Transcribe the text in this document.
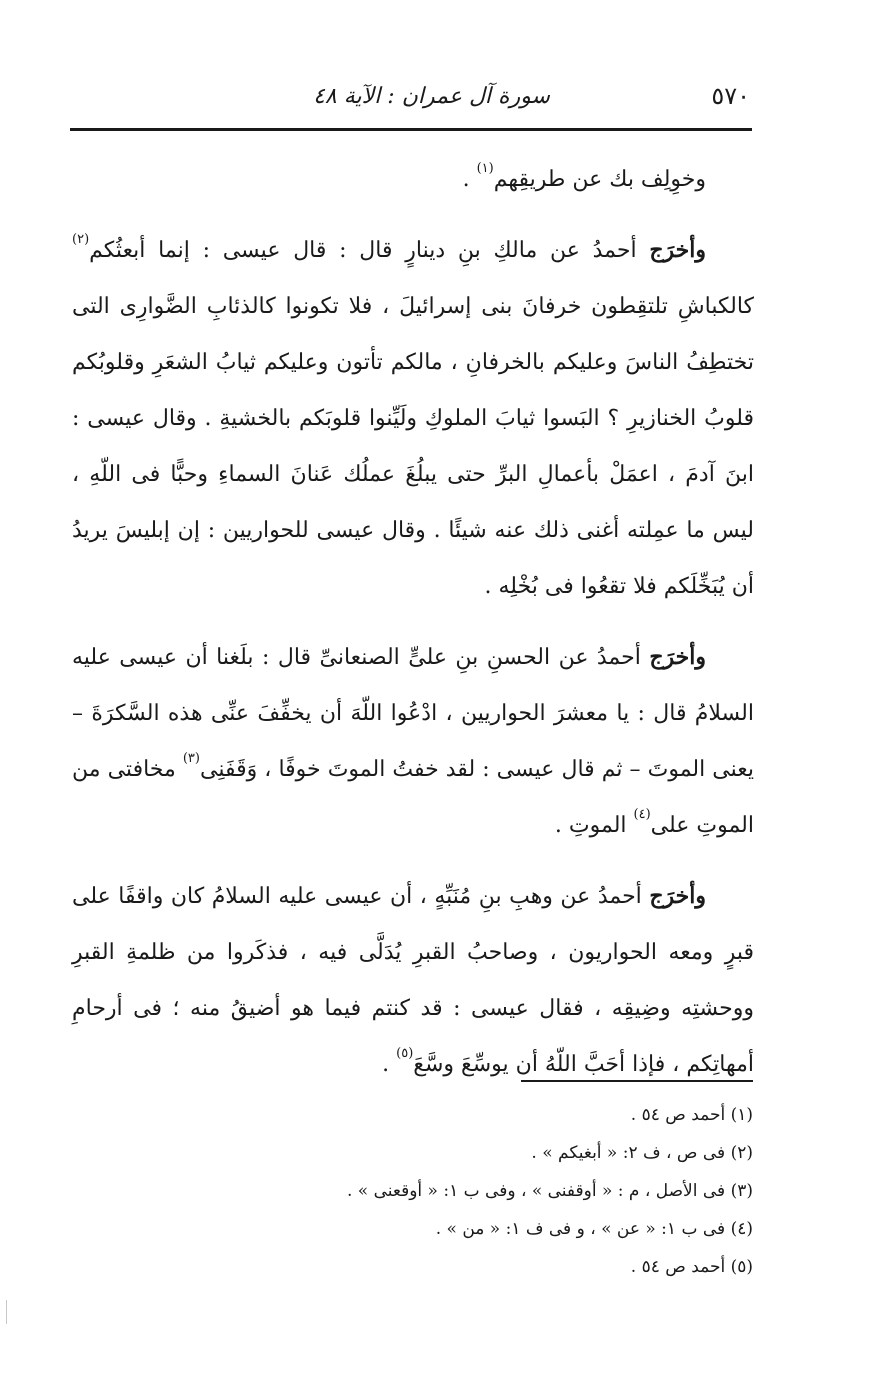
٥٧٠
سورة آل عمران : الآية ٤٨

وخوِلِف بك عن طريقِهم$^{(١)}$ .

وأخرَج أحمدُ عن مالكِ بنِ دينارٍ قال : قال عيسى : إنما أبعثُكم$^{(٢)}$ كالكباشِ تلتقِطون خرفانَ بنى إسرائيلَ ، فلا تكونوا كالذئابِ الضَّوارِى التى تختطِفُ الناسَ وعليكم بالخرفانِ ، مالكم تأتون وعليكم ثيابُ الشعَرِ وقلوبُكم قلوبُ الخنازيرِ ؟ البَسوا ثيابَ الملوكِ ولَيِّنوا قلوبَكم بالخشيةِ . وقال عيسى : ابنَ آدمَ ، اعمَلْ بأعمالِ البرِّ حتى يبلُغَ عملُك عَنانَ السماءِ وحبًّا فى اللّهِ ، ليس ما عمِلته أغنى ذلك عنه شيئًا . وقال عيسى للحواريين : إن إبليسَ يريدُ أن يُبَخِّلَكم فلا تقعُوا فى بُخْلِه .

وأخرَج أحمدُ عن الحسنِ بنِ علىٍّ الصنعانىِّ قال : بلَغنا أن عيسى عليه السلامُ قال : يا معشرَ الحواريين ، ادْعُوا اللّهَ أن يخفِّفَ عنِّى هذه السَّكرَةَ – يعنى الموتَ – ثم قال عيسى : لقد خفتُ الموتَ خوفًا ، وَقَفَنِى$^{(٣)}$ مخافتى من الموتِ على$^{(٤)}$ الموتِ .

وأخرَج أحمدُ عن وهبِ بنِ مُنَبِّهٍ ، أن عيسى عليه السلامُ كان واقفًا على قبرٍ ومعه الحواريون ، وصاحبُ القبرِ يُدَلَّى فيه ، فذكَروا من ظلمةِ القبرِ ووحشتِه وضِيقِه ، فقال عيسى : قد كنتم فيما هو أضيقُ منه ؛ فى أرحامِ أمهاتِكم ، فإذا أحَبَّ اللّهُ أن يوسِّعَ وسَّعَ$^{(٥)}$ .

(١) أحمد ص ٥٤ .
(٢) فى ص ، ف ٢: « أبغيكم » .
(٣) فى الأصل ، م : « أوقفنى » ، وفى ب ١: « أوقعنى » .
(٤) فى ب ١: « عن » ، و فى ف ١: « من » .
(٥) أحمد ص ٥٤ .
